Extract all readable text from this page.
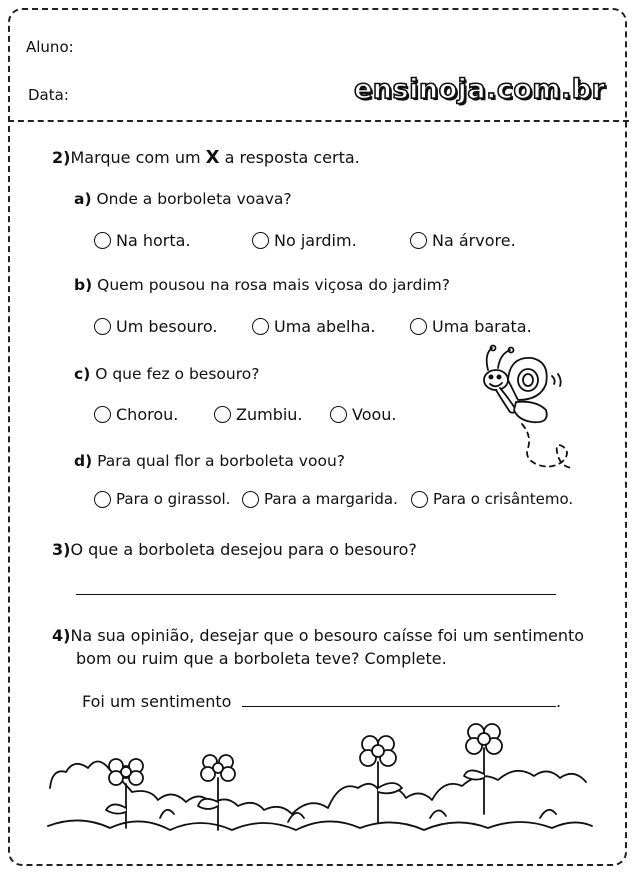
Aluno:
Data:	ensinoja.com.br
2)Marque com um X a resposta certa.
a) Onde a borboleta voava?
Na horta.	No jardim.	Na árvore.
b) Quem pousou na rosa mais viçosa do jardim?
Um besouro.	Uma abelha.	Uma barata.
c) O que fez o besouro?
Chorou.	Zumbiu.	Voou.
d) Para qual flor a borboleta voou?
Para o girassol. Para a margarida. Para o crisântemo.
3)O que a borboleta desejou para o besouro?
4)Na sua opinião, desejar que o besouro caísse foi um sentimento
bom ou ruim que a borboleta teve? Complete.
Foi um sentimento	.
